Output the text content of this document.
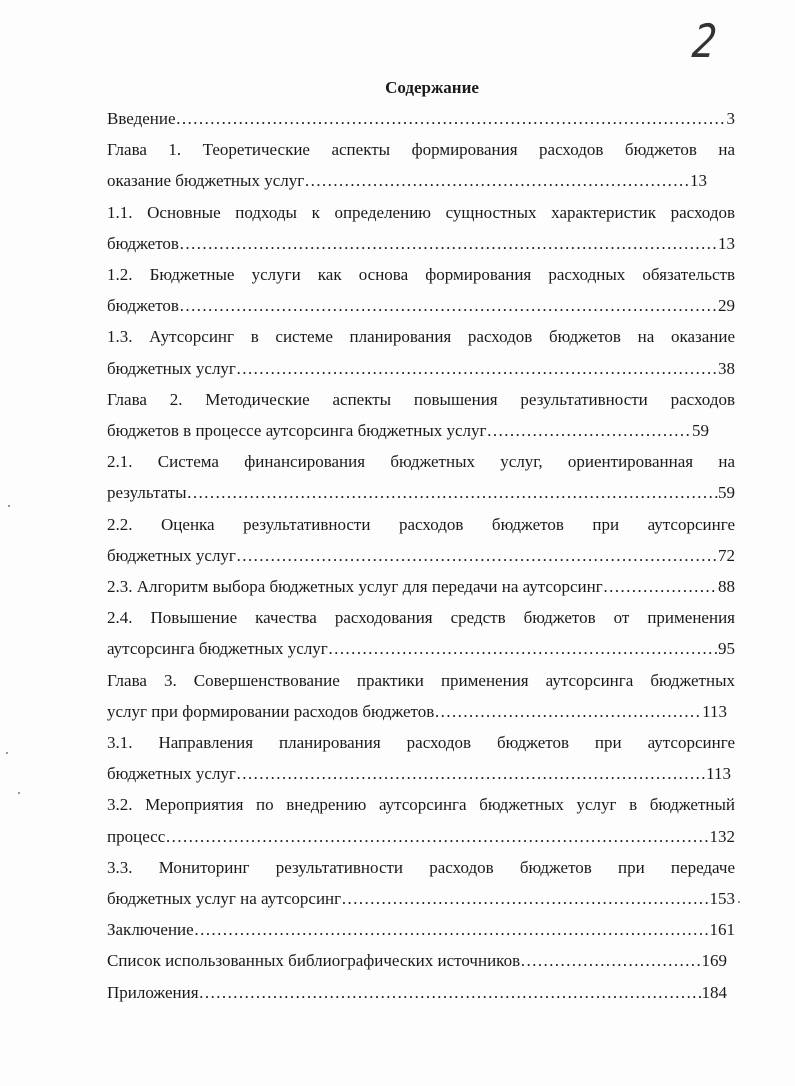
2
Содержание
Введение ……………………………………………………………………………………………………………………………………………………………………	3
Глава 1. Теоретические аспекты формирования расходов бюджетов на
оказание бюджетных услуг ……………………………………………………………………………………………………………………………………………………………………	13
1.1. Основные подходы к определению сущностных характеристик расходов
бюджетов ……………………………………………………………………………………………………………………………………………………………………	13
1.2. Бюджетные услуги как основа формирования расходных обязательств
бюджетов ……………………………………………………………………………………………………………………………………………………………………	29
1.3. Аутсорсинг в системе планирования расходов бюджетов на оказание
бюджетных услуг ……………………………………………………………………………………………………………………………………………………………………	38
Глава 2. Методические аспекты повышения результативности расходов
бюджетов в процессе аутсорсинга бюджетных услуг ……………………………………………………………………………………………………………………………………………………………………	59
2.1. Система финансирования бюджетных услуг, ориентированная на
результаты ……………………………………………………………………………………………………………………………………………………………………	59
2.2. Оценка результативности расходов бюджетов при аутсорсинге
бюджетных услуг ……………………………………………………………………………………………………………………………………………………………………	72
2.3. Алгоритм выбора бюджетных услуг для передачи на аутсорсинг ……………………………………………………………………………………………………………………………………………………………………	88
2.4. Повышение качества расходования средств бюджетов от применения
аутсорсинга бюджетных услуг ……………………………………………………………………………………………………………………………………………………………………	95
Глава 3. Совершенствование практики применения аутсорсинга бюджетных
услуг при формировании расходов бюджетов ……………………………………………………………………………………………………………………………………………………………………	113
3.1. Направления планирования расходов бюджетов при аутсорсинге
бюджетных услуг ……………………………………………………………………………………………………………………………………………………………………	113
3.2. Мероприятия по внедрению аутсорсинга бюджетных услуг в бюджетный
процесс ……………………………………………………………………………………………………………………………………………………………………	132
3.3. Мониторинг результативности расходов бюджетов при передаче
бюджетных услуг на аутсорсинг ……………………………………………………………………………………………………………………………………………………………………	153
Заключение ……………………………………………………………………………………………………………………………………………………………………	161
Список использованных библиографических источников ……………………………………………………………………………………………………………………………………………………………………	169
Приложения ……………………………………………………………………………………………………………………………………………………………………	184
